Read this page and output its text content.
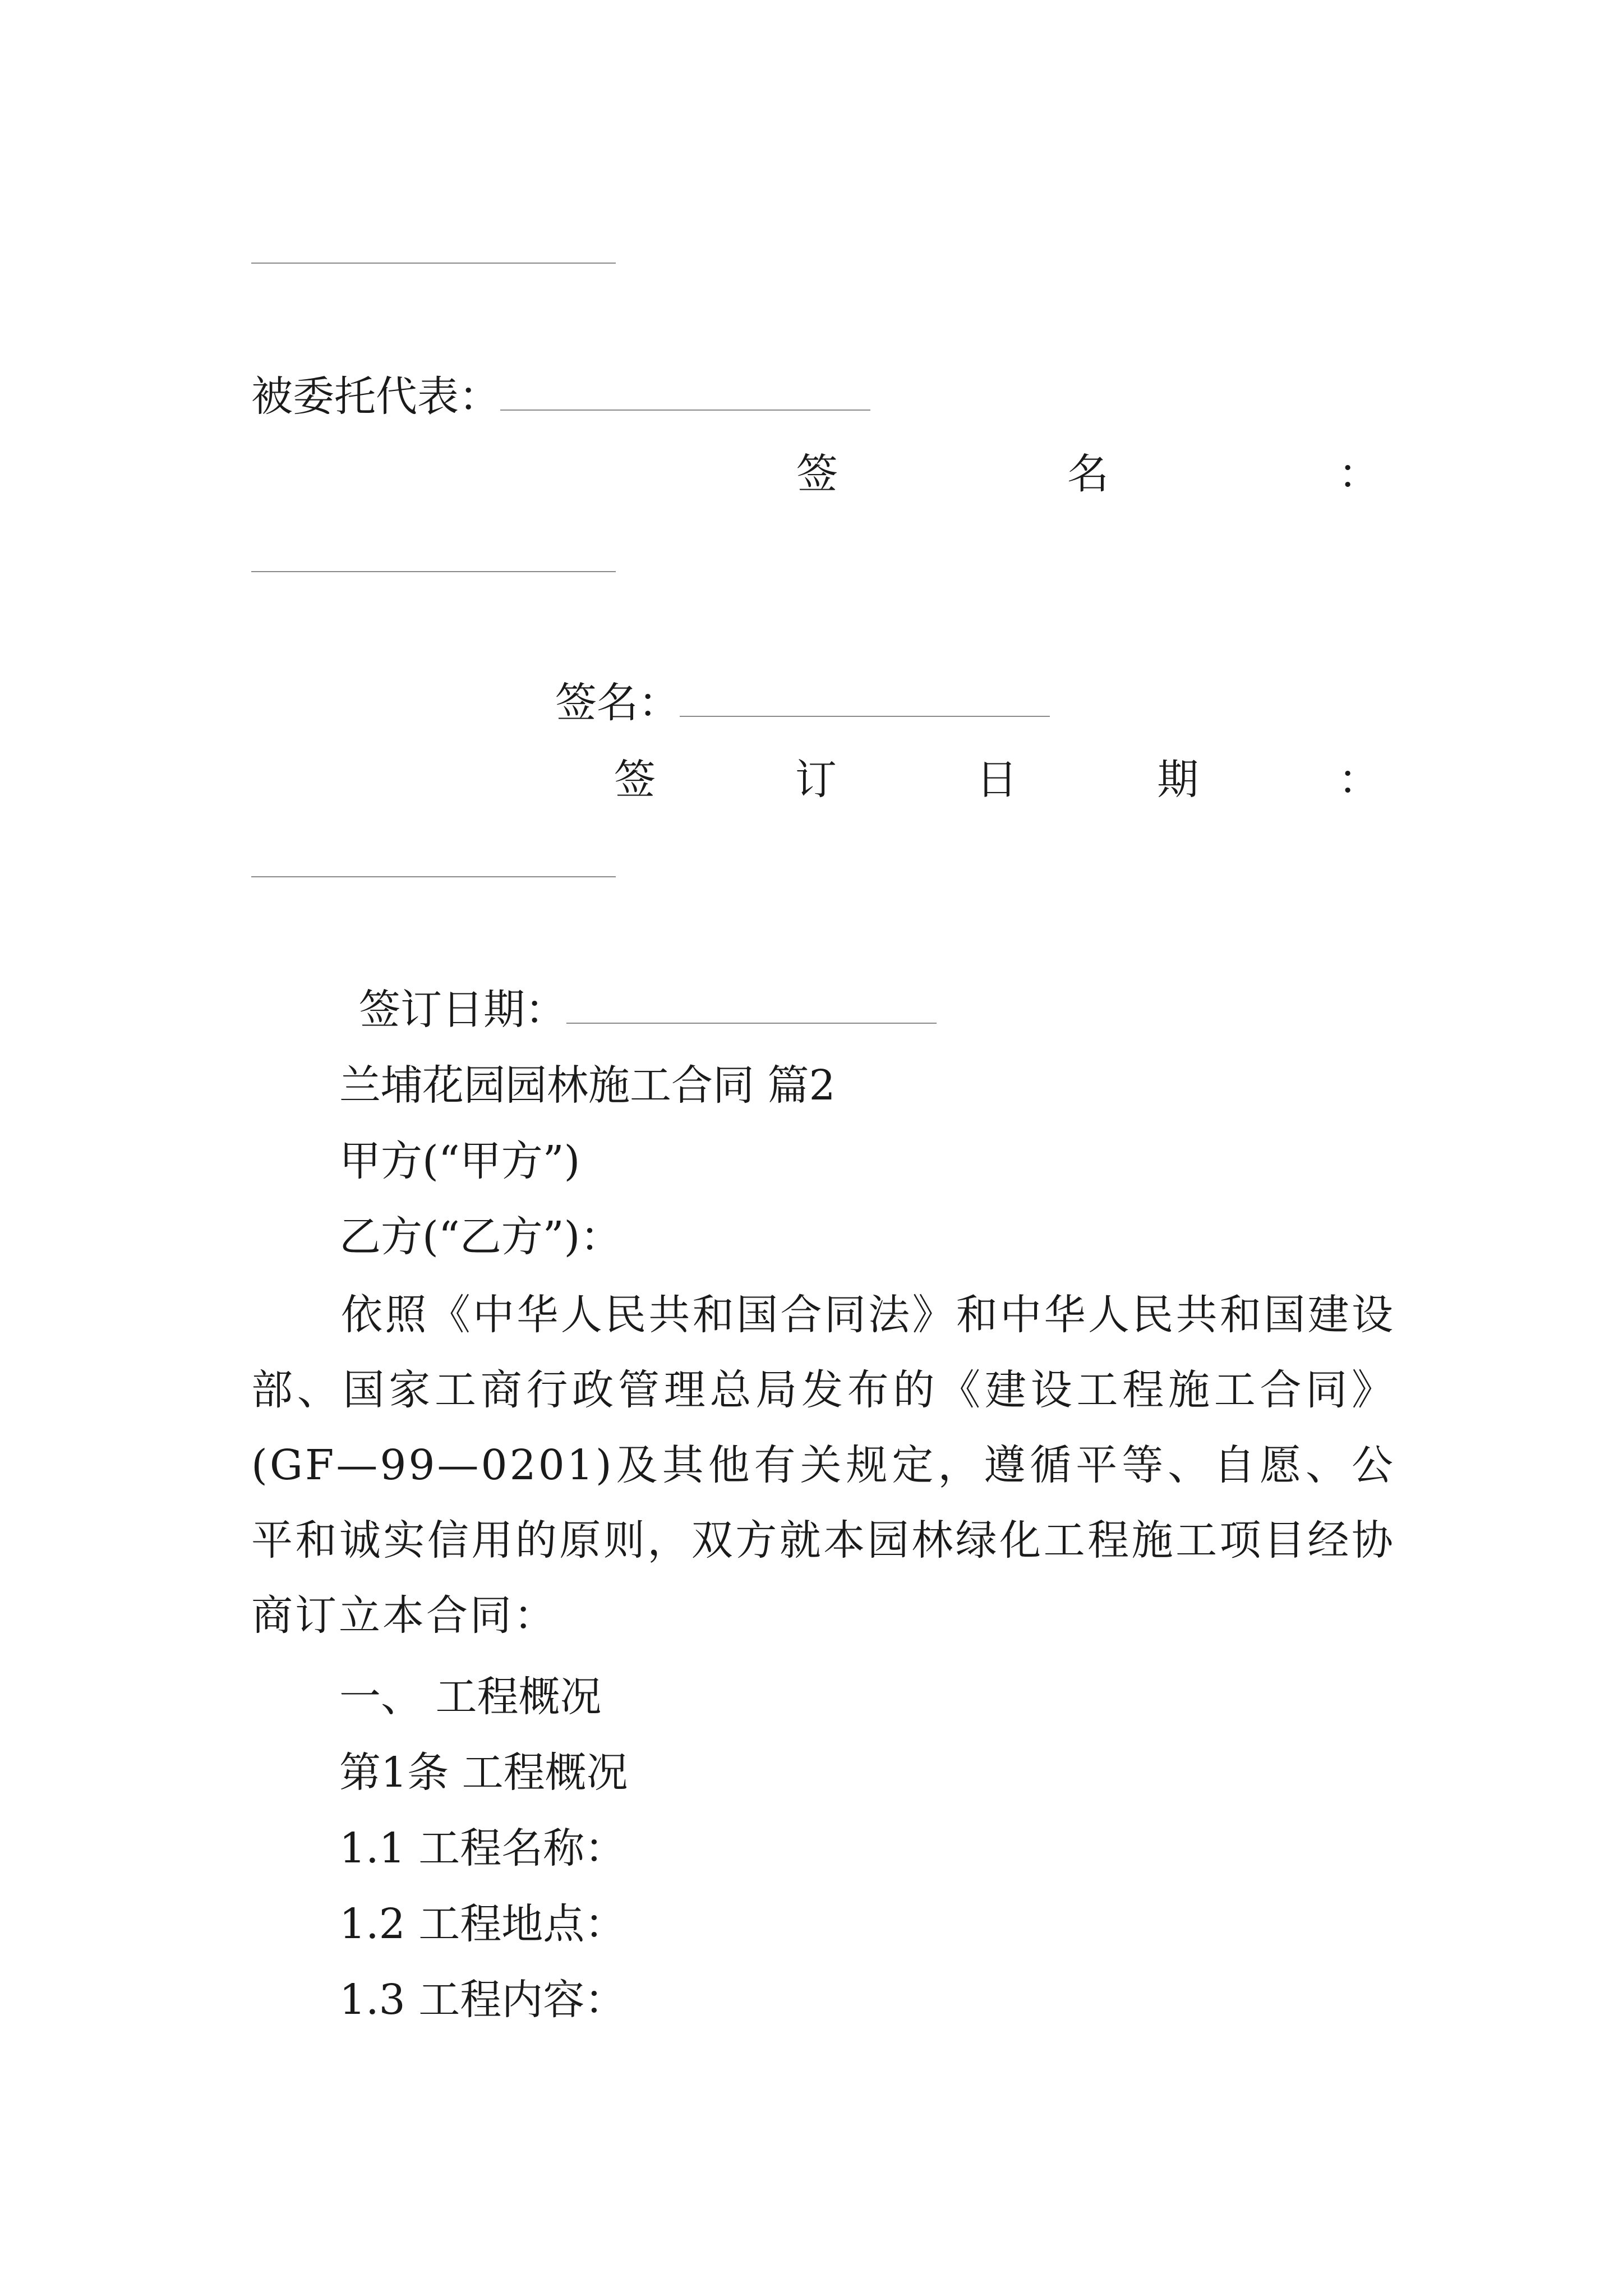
被委托代表：
签	名	：
签名：
签	订	日	期	：
签订日期：
兰埔花园园林施工合同 篇2
甲方(“甲方”)
乙方(“乙方”)：
依照《中华人民共和国合同法》和中华人民共和国建设部、国家工商行政管理总局发布的《建设工程施工合同》(GF—99—0201)及其他有关规定，遵循平等、自愿、公平和诚实信用的原则，双方就本园林绿化工程施工项目经协商订立本合同：
一、 工程概况
第1条 工程概况
1.1 工程名称：
1.2 工程地点：
1.3 工程内容：
